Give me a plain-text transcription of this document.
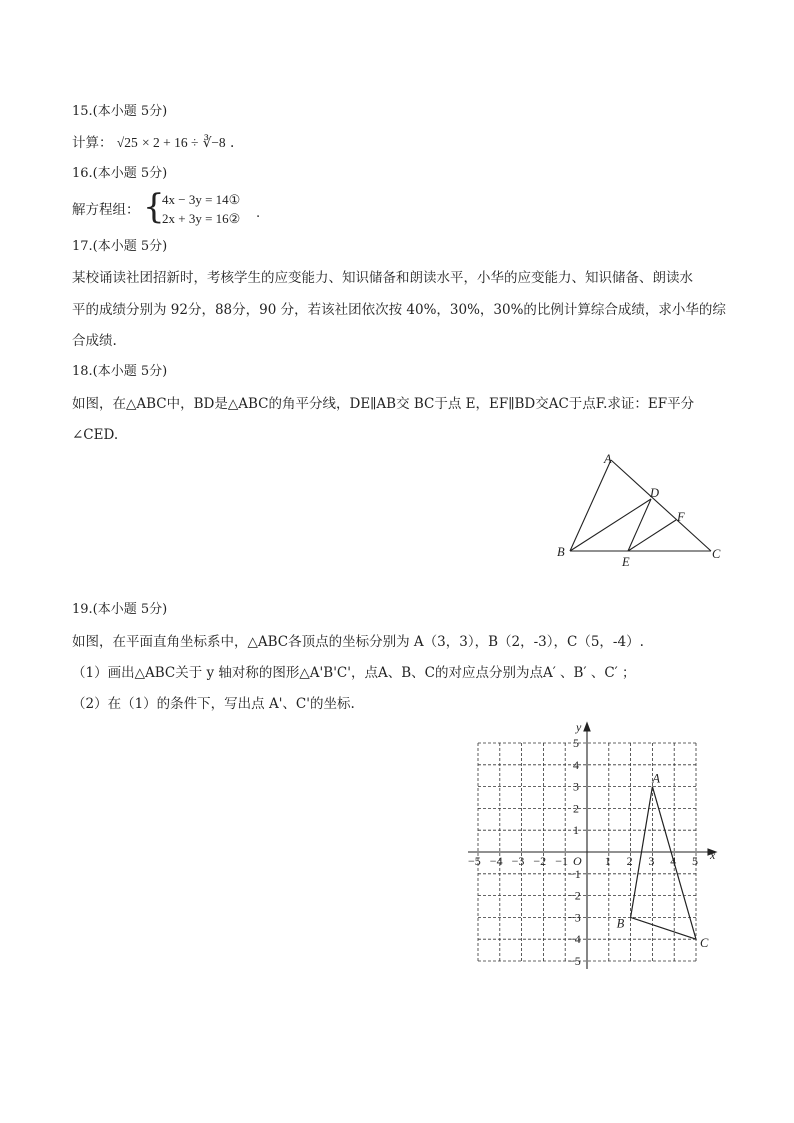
15.(本小题 5分)
计算： √25 × 2 + 16 ÷ ∛−8 .
16.(本小题 5分)
解方程组： {
4x − 3y = 14①
2x + 3y = 16② .
17.(本小题 5分)
某校诵读社团招新时，考核学生的应变能力、知识储备和朗读水平，小华的应变能力、知识储备、朗读水
平的成绩分别为 92分，88分，90 分，若该社团依次按 40%，30%，30%的比例计算综合成绩，求小华的综
合成绩.
18.(本小题 5分)
如图，在△ABC中，BD是△ABC的角平分线，DE∥AB交 BC于点 E，EF∥BD交AC于点F.求证：EF平分
∠CED.
A
B	C
D
E
F
19.(本小题 5分)
如图，在平面直角坐标系中，△ABC各顶点的坐标分别为 A（3，3），B（2，-3），C（5，-4）.
（1）画出△ABC关于 y 轴对称的图形△A'B'C'，点A、B、C的对应点分别为点A′ 、B′ 、C′ ；
（2）在（1）的条件下，写出点 A'、C'的坐标.
x
y
O
−5 −4 −3 −2 −1	1 2 3 4 5
5
4
3
2
1
−1
−2
−3
−4
−5
A
B
C
